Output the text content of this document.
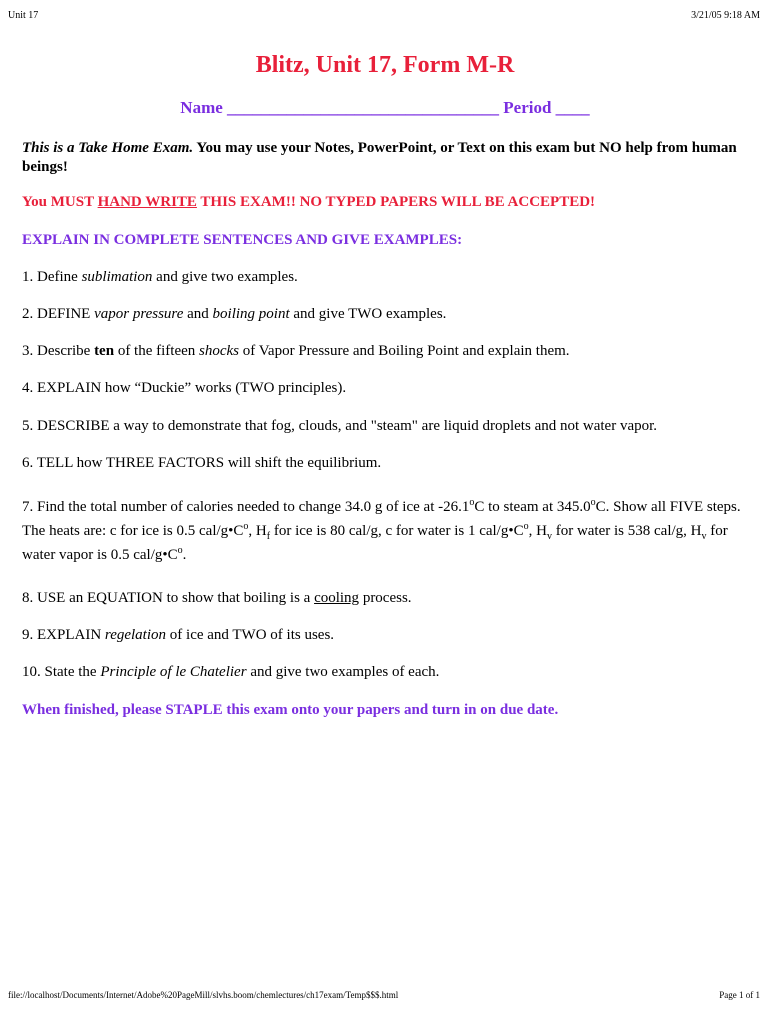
Unit 17	3/21/05 9:18 AM
Blitz, Unit 17, Form M-R
Name ________________________________ Period ____
This is a Take Home Exam. You may use your Notes, PowerPoint, or Text on this exam but NO help from human beings!
You MUST HAND WRITE THIS EXAM!! NO TYPED PAPERS WILL BE ACCEPTED!
EXPLAIN IN COMPLETE SENTENCES AND GIVE EXAMPLES:
1. Define sublimation and give two examples.
2. DEFINE vapor pressure and boiling point and give TWO examples.
3. Describe ten of the fifteen shocks of Vapor Pressure and Boiling Point and explain them.
4. EXPLAIN how “Duckie” works (TWO principles).
5. DESCRIBE a way to demonstrate that fog, clouds, and "steam" are liquid droplets and not water vapor.
6. TELL how THREE FACTORS will shift the equilibrium.
7. Find the total number of calories needed to change 34.0 g of ice at -26.1$^o$C to steam at 345.0$^o$C. Show all FIVE steps. The heats are: c for ice is 0.5 cal/$g•C^o$, $H_f$ for ice is 80 cal/g, c for water is 1 cal/$g•C^o$, $H_v$ for water is 538 cal/g, $H_v$ for water vapor is 0.5 cal/$g•C^o$.
8. USE an EQUATION to show that boiling is a cooling process.
9. EXPLAIN regelation of ice and TWO of its uses.
10. State the Principle of le Chatelier and give two examples of each.
When finished, please STAPLE this exam onto your papers and turn in on due date.
file://localhost/Documents/Internet/Adobe%20PageMill/slvhs.boom/chemlectures/ch17exam/Temp$$$.html	Page 1 of 1
